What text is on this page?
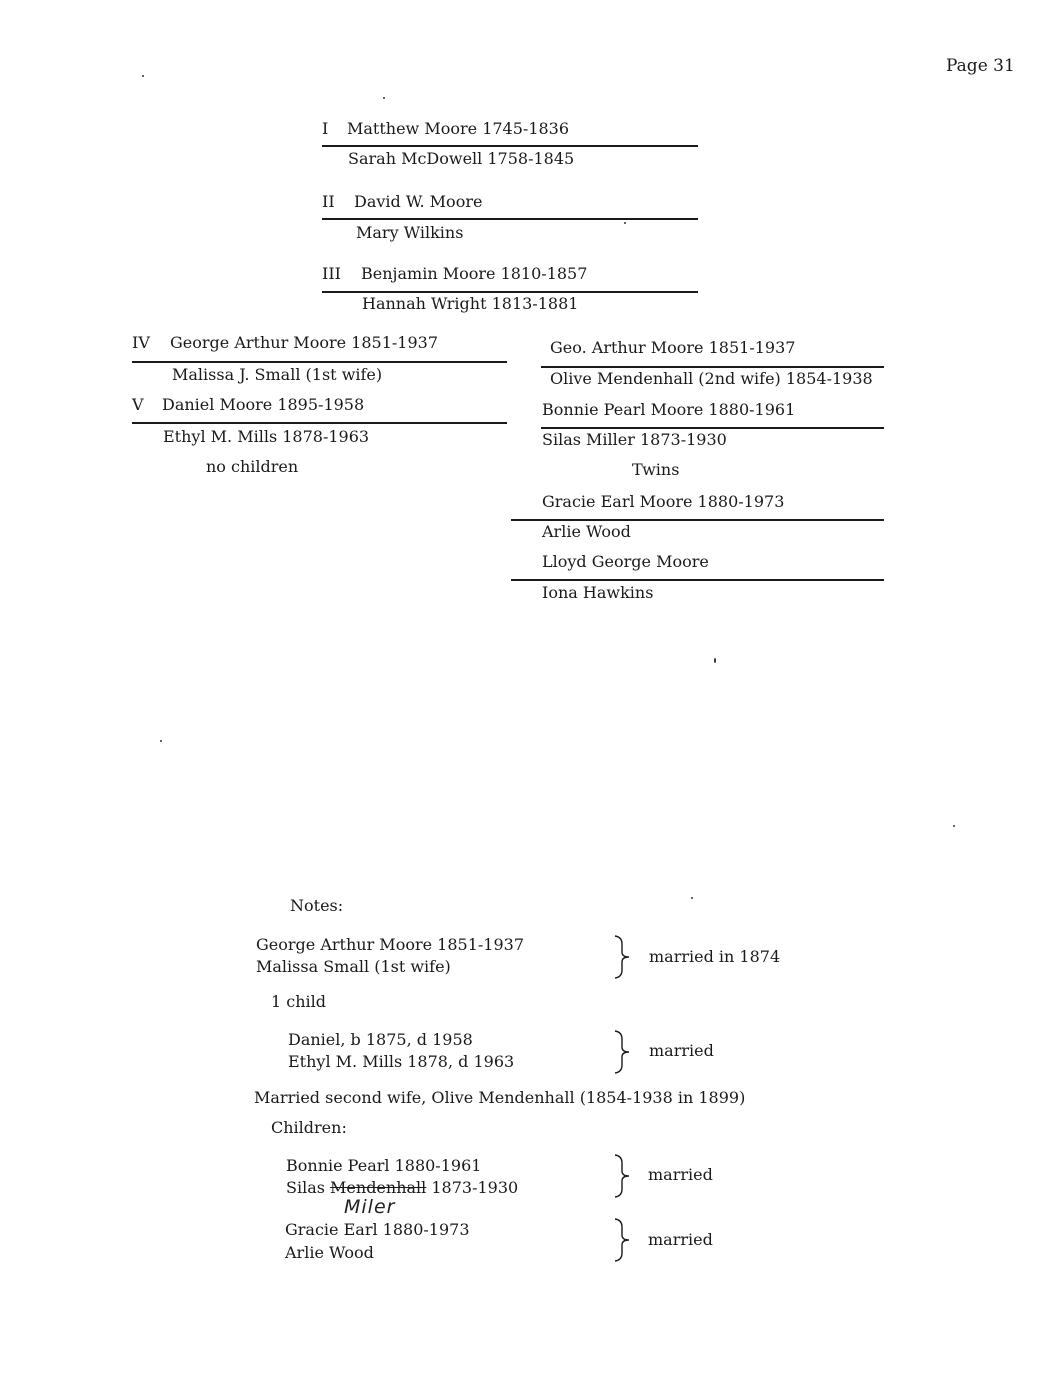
Page 31
I Matthew Moore 1745-1836
Sarah McDowell 1758-1845
II David W. Moore
Mary Wilkins
III Benjamin Moore 1810-1857
Hannah Wright 1813-1881
IV George Arthur Moore 1851-1937
Malissa J. Small (1st wife)
V Daniel Moore 1895-1958
Ethyl M. Mills 1878-1963
no children
Geo. Arthur Moore 1851-1937
Olive Mendenhall (2nd wife) 1854-1938
Bonnie Pearl Moore 1880-1961
Silas Miller 1873-1930
Twins
Gracie Earl Moore 1880-1973
Arlie Wood
Lloyd George Moore
Iona Hawkins
Notes:
George Arthur Moore 1851-1937
Malissa Small (1st wife)
married in 1874
1 child
Daniel, b 1875, d 1958
Ethyl M. Mills 1878, d 1963
married
Married second wife, Olive Mendenhall (1854-1938 in 1899)
Children:
Bonnie Pearl 1880-1961
Silas Mendenhall 1873-1930
Miler
married
Gracie Earl 1880-1973
Arlie Wood
married
